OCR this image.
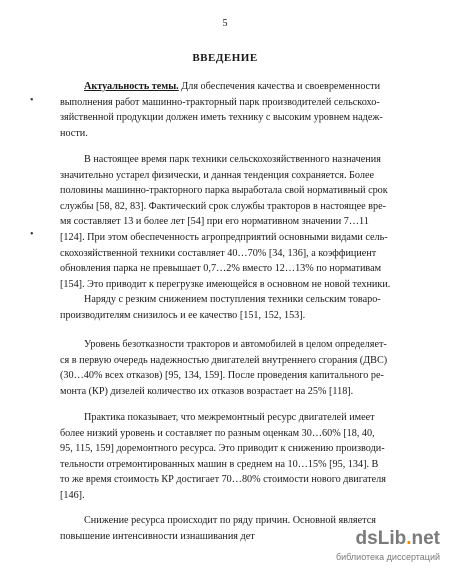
5
ВВЕДЕНИЕ
•
•
Актуальность темы. Для обеспечения качества и своевременности
выполнения работ машинно-тракторный парк производителей сельскохо-
зяйственной продукции должен иметь технику с высоким уровнем надеж-
ности.
В настоящее время парк техники сельскохозяйственного назначения
значительно устарел физически, и данная тенденция сохраняется. Более
половины машинно-тракторного парка выработала свой нормативный срок
службы [58, 82, 83]. Фактический срок службы тракторов в настоящее вре-
мя составляет 13 и более лет [54] при его нормативном значении 7…11
[124]. При этом обеспеченность агропредприятий основными видами сель-
скохозяйственной техники составляет 40…70% [34, 136], а коэффициент
обновления парка не превышает 0,7…2% вместо 12…13% по нормативам
[154]. Это приводит к перегрузке имеющейся в основном не новой техники.
Наряду с резким снижением поступления техники сельским товаро-
производителям снизилось и ее качество [151, 152, 153].
Уровень безотказности тракторов и автомобилей в целом определяет-
ся в первую очередь надежностью двигателей внутреннего сгорания (ДВС)
(30…40% всех отказов) [95, 134, 159]. После проведения капитального ре-
монта (КР) дизелей количество их отказов возрастает на 25% [118].
Практика показывает, что межремонтный ресурс двигателей имеет
более низкий уровень и составляет по разным оценкам 30…60% [18, 40,
95, 115, 159] доремонтного ресурса. Это приводит к снижению производи-
тельности отремонтированных машин в среднем на 10…15% [95, 134]. В
то же время стоимость КР достигает 70…80% стоимости нового двигателя
[146].
Снижение ресурса происходит по ряду причин. Основной является
повышение интенсивности изнашивания дет	dsLib.net
библиотека диссертаций
